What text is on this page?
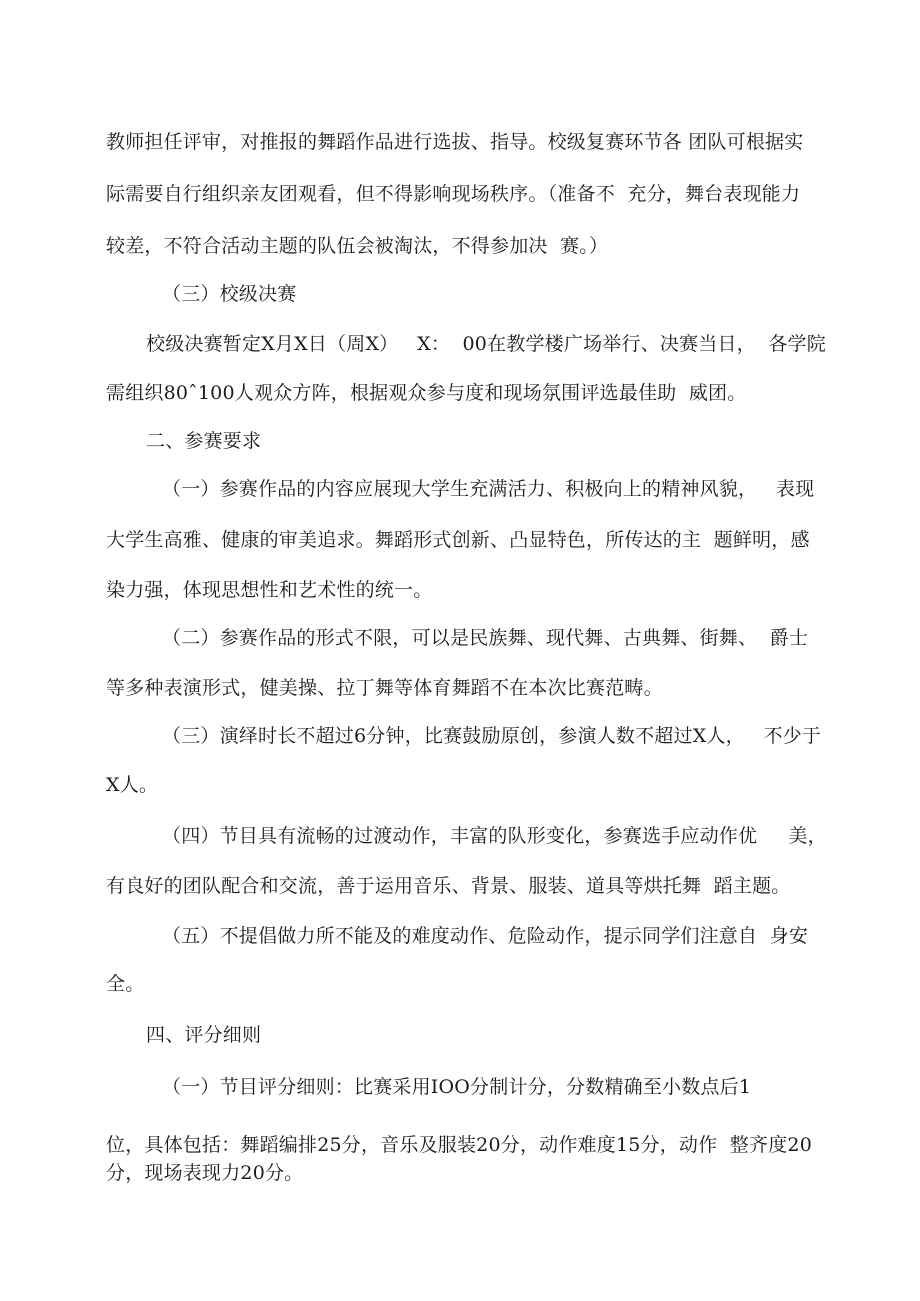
教师担任评审，对推报的舞蹈作品进行选拔、指导。校级复赛环节各 团队可根据实
际需要自行组织亲友团观看，但不得影响现场秩序。（准备不  充分，舞台表现能力
较差，不符合活动主题的队伍会被淘汰，不得参加决  赛。）
（三）校级决赛
校级决赛暂定X月X日（周X）   X：  00在教学楼广场举行、决赛当日，  各学院
需组织80ˆ100人观众方阵，根据观众参与度和现场氛围评选最佳助  威团。
二、参赛要求
（一）参赛作品的内容应展现大学生充满活力、积极向上的精神风貌，   表现
大学生高雅、健康的审美追求。舞蹈形式创新、凸显特色，所传达的主  题鲜明，感
染力强，体现思想性和艺术性的统一。
（二）参赛作品的形式不限，可以是民族舞、现代舞、古典舞、街舞、  爵士
等多种表演形式，健美操、拉丁舞等体育舞蹈不在本次比赛范畴。
（三）演绎时长不超过6分钟，比赛鼓励原创，参演人数不超过X人，   不少于
X人。
（四）节目具有流畅的过渡动作，丰富的队形变化，参赛选手应动作优     美，
有良好的团队配合和交流，善于运用音乐、背景、服装、道具等烘托舞  蹈主题。
（五）不提倡做力所不能及的难度动作、危险动作，提示同学们注意自  身安
全。
四、评分细则
（一）节目评分细则：比赛采用IOO分制计分，分数精确至小数点后1
位，具体包括：舞蹈编排25分，音乐及服装20分，动作难度15分，动作  整齐度20
分，现场表现力20分。
